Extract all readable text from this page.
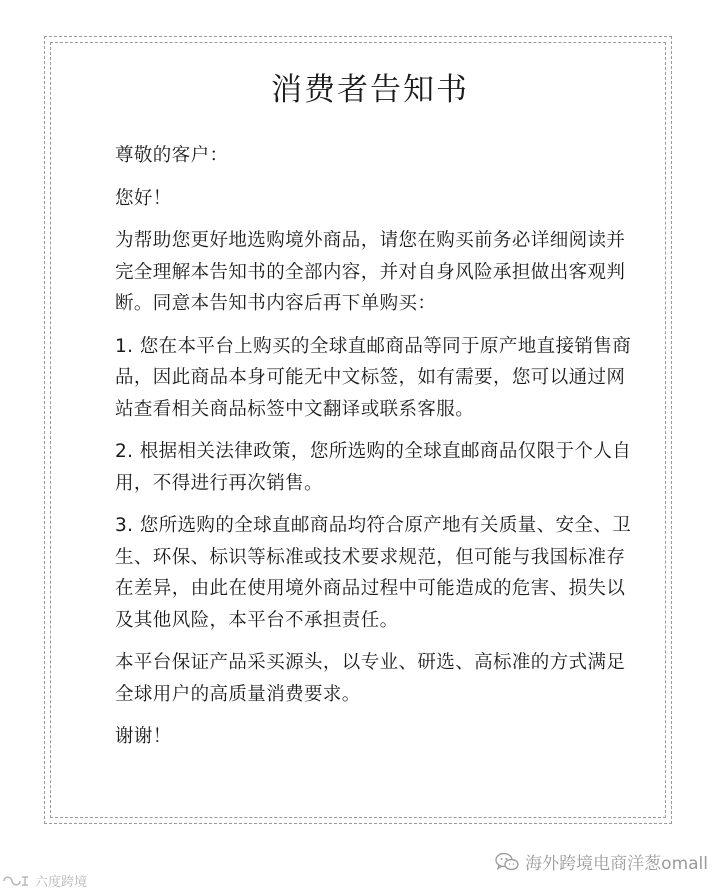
消费者告知书

尊敬的客户：

您好！

为帮助您更好地选购境外商品，请您在购买前务必详细阅读并完全理解本告知书的全部内容，并对自身风险承担做出客观判断。同意本告知书内容后再下单购买：

1. 您在本平台上购买的全球直邮商品等同于原产地直接销售商品，因此商品本身可能无中文标签，如有需要，您可以通过网站查看相关商品标签中文翻译或联系客服。

2. 根据相关法律政策，您所选购的全球直邮商品仅限于个人自用，不得进行再次销售。

3. 您所选购的全球直邮商品均符合原产地有关质量、安全、卫生、环保、标识等标准或技术要求规范，但可能与我国标准存在差异，由此在使用境外商品过程中可能造成的危害、损失以及其他风险，本平台不承担责任。

本平台保证产品采买源头，以专业、研选、高标准的方式满足全球用户的高质量消费要求。

谢谢！

海外跨境电商洋葱omall
六度跨境
